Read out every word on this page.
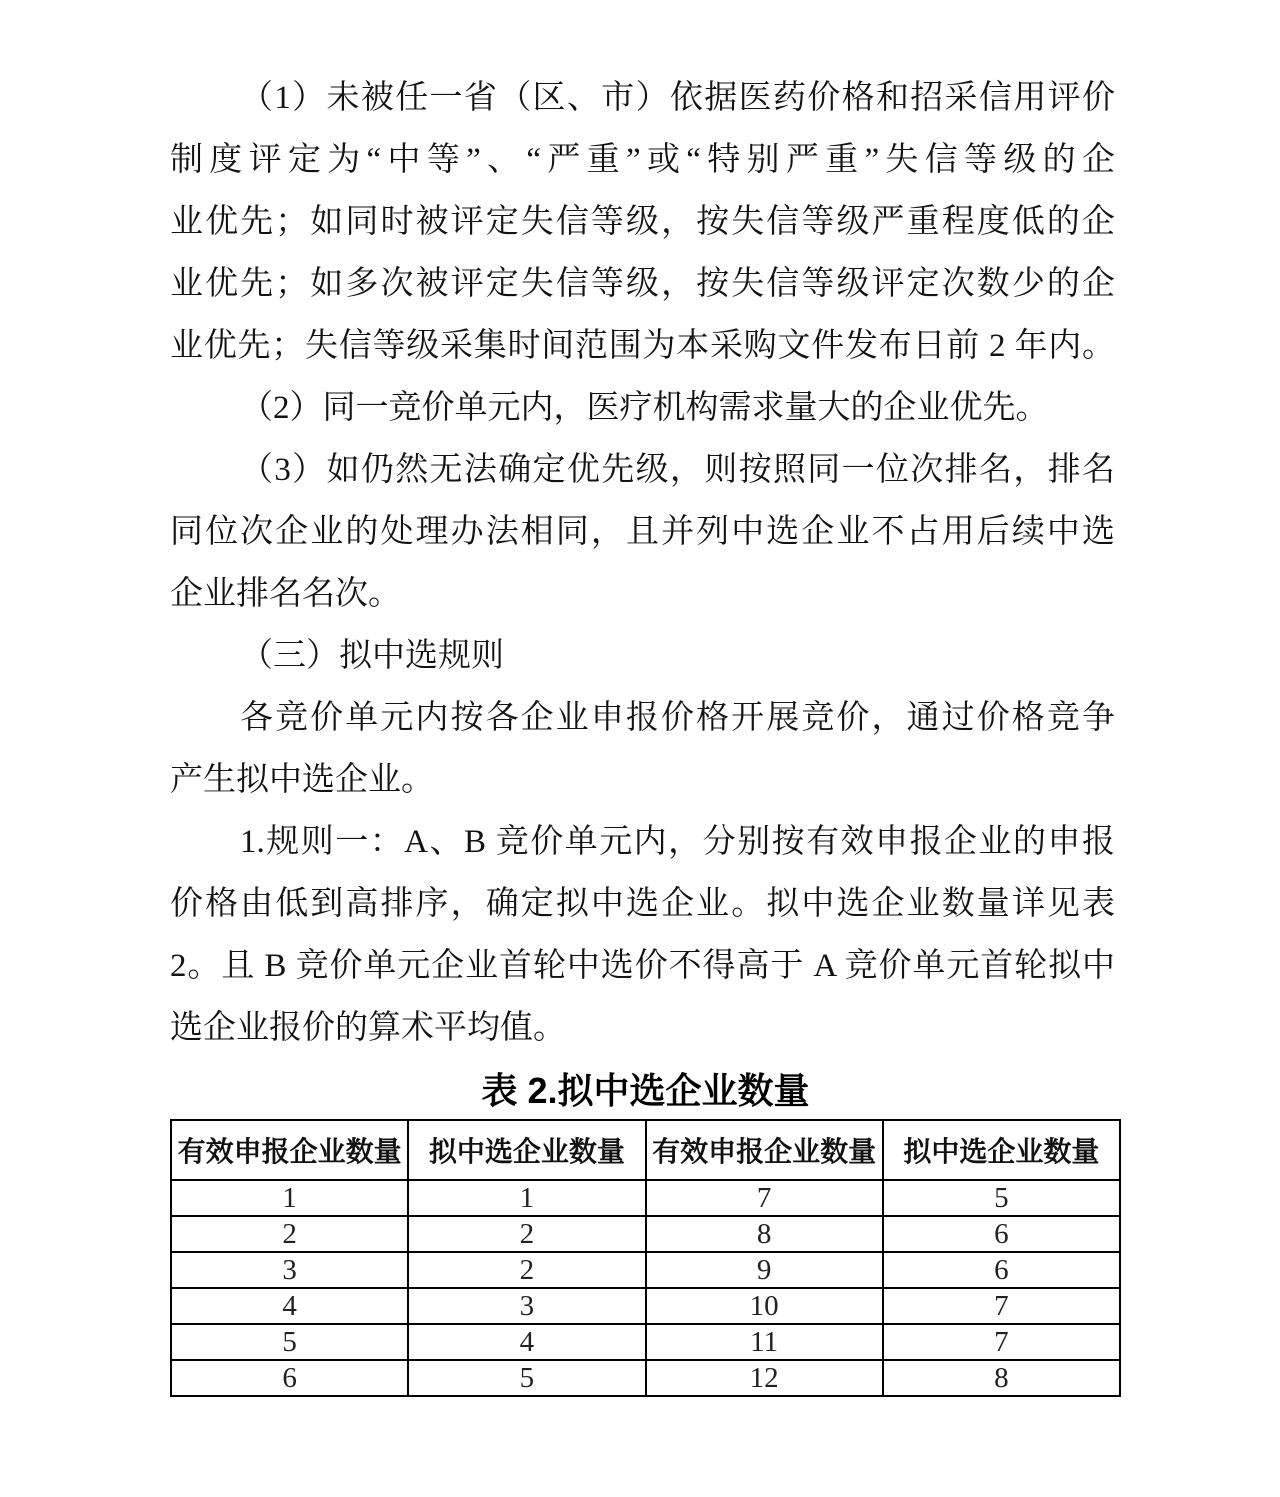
（1）未被任一省（区、市）依据医药价格和招采信用评价
制度评定为“中等”、“严重”或“特别严重”失信等级的企
业优先；如同时被评定失信等级，按失信等级严重程度低的企
业优先；如多次被评定失信等级，按失信等级评定次数少的企
业优先；失信等级采集时间范围为本采购文件发布日前 2 年内。
（2）同一竞价单元内，医疗机构需求量大的企业优先。
（3）如仍然无法确定优先级，则按照同一位次排名，排名
同位次企业的处理办法相同，且并列中选企业不占用后续中选
企业排名名次。
（三）拟中选规则
各竞价单元内按各企业申报价格开展竞价，通过价格竞争
产生拟中选企业。
1.规则一：A、B 竞价单元内，分别按有效申报企业的申报
价格由低到高排序，确定拟中选企业。拟中选企业数量详见表
2。且 B 竞价单元企业首轮中选价不得高于 A 竞价单元首轮拟中
选企业报价的算术平均值。
表 2.拟中选企业数量
有效申报企业数量	拟中选企业数量	有效申报企业数量	拟中选企业数量
1	1	7	5
2	2	8	6
3	2	9	6
4	3	10	7
5	4	11	7
6	5	12	8
